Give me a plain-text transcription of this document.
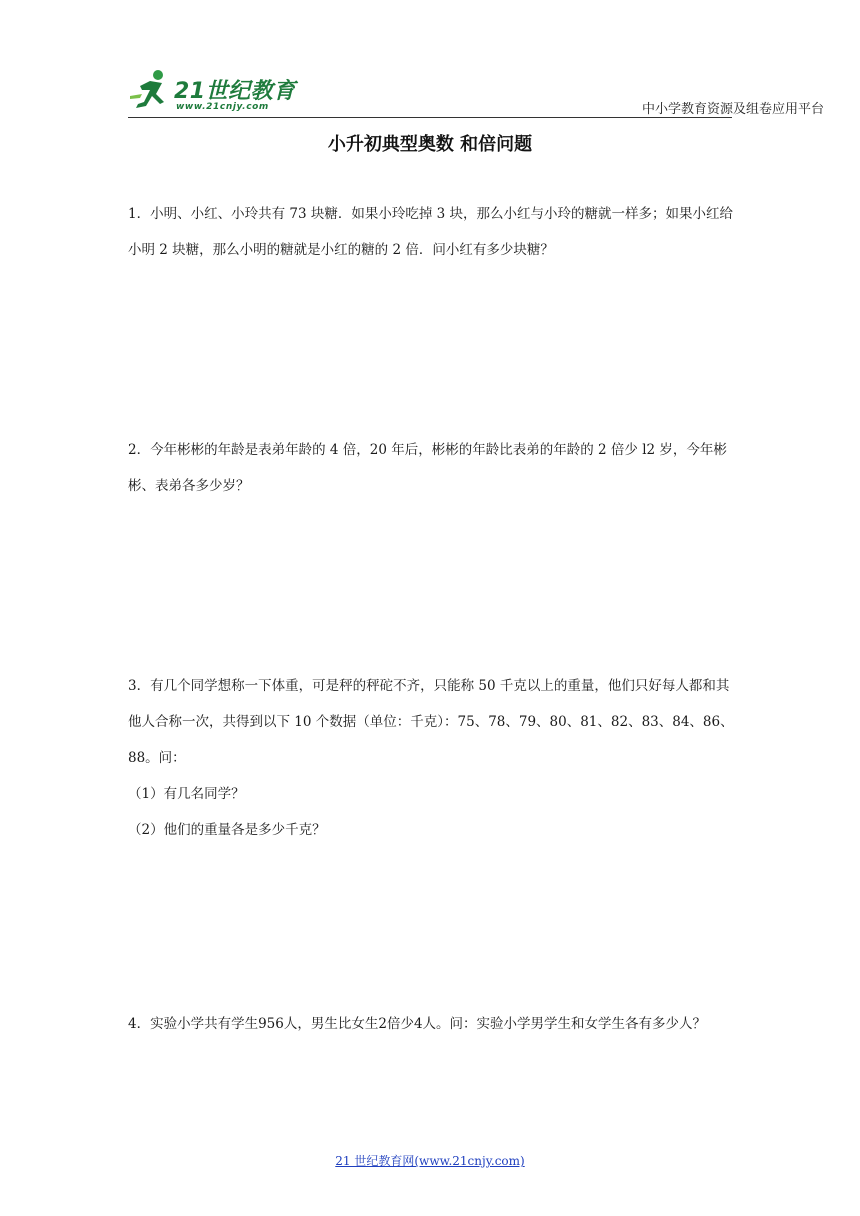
21世纪教育
www.21cnjy.com	中小学教育资源及组卷应用平台
小升初典型奥数 和倍问题

1．小明、小红、小玲共有 73 块糖．如果小玲吃掉 3 块，那么小红与小玲的糖就一样多；如果小红给小明 2 块糖，那么小明的糖就是小红的糖的 2 倍．问小红有多少块糖？

2．今年彬彬的年龄是表弟年龄的 4 倍，20 年后，彬彬的年龄比表弟的年龄的 2 倍少 l2 岁，今年彬彬、表弟各多少岁？

3．有几个同学想称一下体重，可是秤的秤砣不齐，只能称 50 千克以上的重量，他们只好每人都和其他人合称一次，共得到以下 10 个数据（单位：千克）：75、78、79、80、81、82、83、84、86、88。问：

（1）有几名同学？

（2）他们的重量各是多少千克？

4．实验小学共有学生956人，男生比女生2倍少4人。问：实验小学男学生和女学生各有多少人？

21 世纪教育网(www.21cnjy.com)
